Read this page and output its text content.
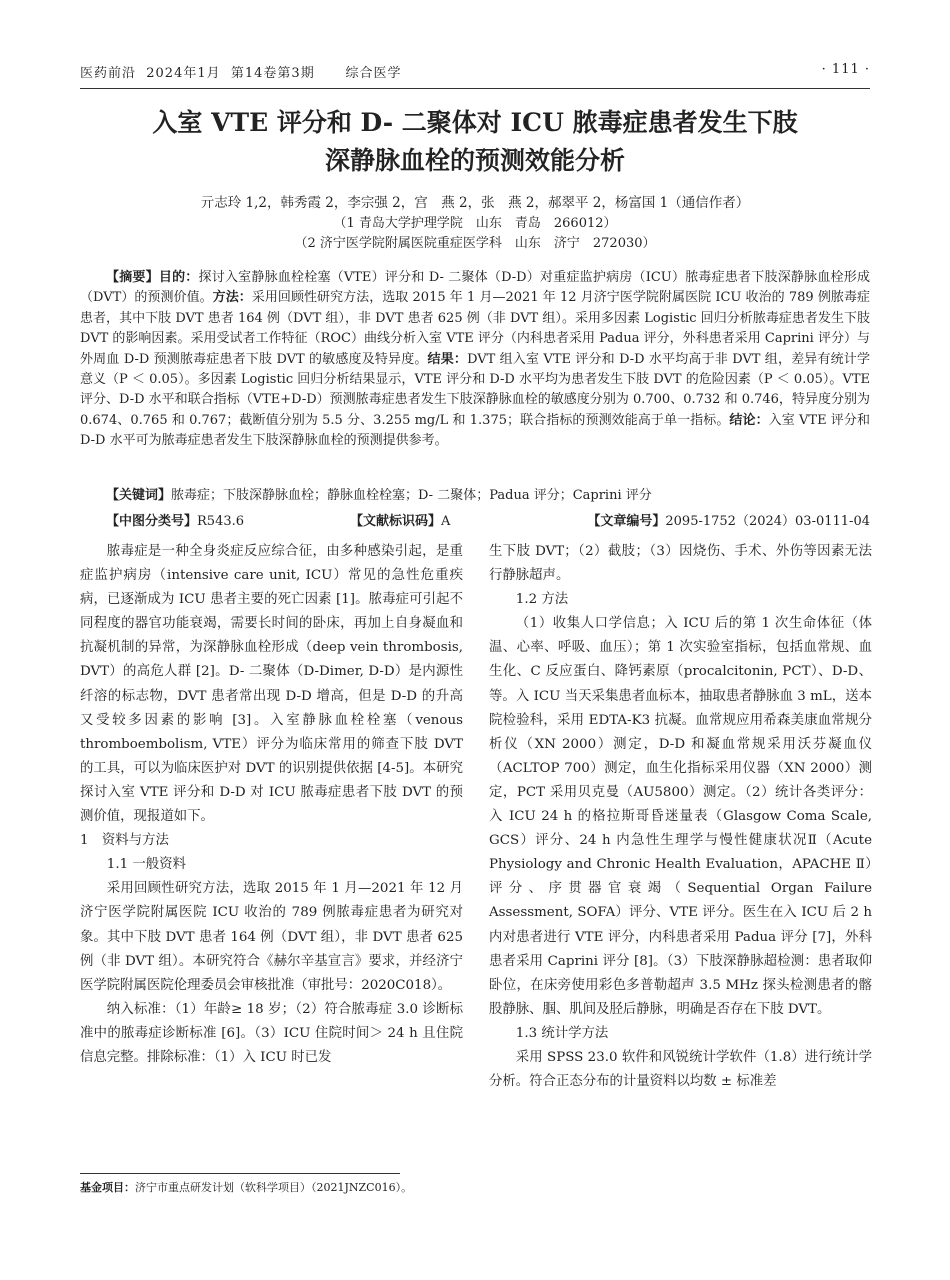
医药前沿  2024年1月  第14卷第3期      综合医学	· 111 ·
入室 VTE 评分和 D- 二聚体对 ICU 脓毒症患者发生下肢
深静脉血栓的预测效能分析
亓志玲 1,2，韩秀霞 2，李宗强 2，宫　燕 2，张　燕 2，郝翠平 2，杨富国 1（通信作者）
（1 青岛大学护理学院　山东　青岛　266012）
（2 济宁医学院附属医院重症医学科　山东　济宁　272030）
【摘要】目的：探讨入室静脉血栓栓塞（VTE）评分和 D- 二聚体（D-D）对重症监护病房（ICU）脓毒症患者下肢深静脉血栓形成（DVT）的预测价值。方法：采用回顾性研究方法，选取 2015 年 1 月—2021 年 12 月济宁医学院附属医院 ICU 收治的 789 例脓毒症患者，其中下肢 DVT 患者 164 例（DVT 组），非 DVT 患者 625 例（非 DVT 组）。采用多因素 Logistic 回归分析脓毒症患者发生下肢 DVT 的影响因素。采用受试者工作特征（ROC）曲线分析入室 VTE 评分（内科患者采用 Padua 评分，外科患者采用 Caprini 评分）与外周血 D-D 预测脓毒症患者下肢 DVT 的敏感度及特异度。结果：DVT 组入室 VTE 评分和 D-D 水平均高于非 DVT 组，差异有统计学意义（P ＜ 0.05）。多因素 Logistic 回归分析结果显示，VTE 评分和 D-D 水平均为患者发生下肢 DVT 的危险因素（P ＜ 0.05）。VTE 评分、D-D 水平和联合指标（VTE+D-D）预测脓毒症患者发生下肢深静脉血栓的敏感度分别为 0.700、0.732 和 0.746，特异度分别为 0.674、0.765 和 0.767；截断值分别为 5.5 分、3.255 mg/L 和 1.375；联合指标的预测效能高于单一指标。结论：入室 VTE 评分和 D-D 水平可为脓毒症患者发生下肢深静脉血栓的预测提供参考。
【关键词】脓毒症；下肢深静脉血栓；静脉血栓栓塞；D- 二聚体；Padua 评分；Caprini 评分
【中图分类号】R543.6	【文献标识码】A	【文章编号】2095-1752（2024）03-0111-04

脓毒症是一种全身炎症反应综合征，由多种感染引起，是重症监护病房（intensive care unit, ICU）常见的急性危重疾病，已逐渐成为 ICU 患者主要的死亡因素 [1]。脓毒症可引起不同程度的器官功能衰竭，需要长时间的卧床，再加上自身凝血和抗凝机制的异常，为深静脉血栓形成（deep vein thrombosis, DVT）的高危人群 [2]。D- 二聚体（D-Dimer, D-D）是内源性纤溶的标志物，DVT 患者常出现 D-D 增高，但是 D-D 的升高又受较多因素的影响 [3]。入室静脉血栓栓塞（venous thromboembolism, VTE）评分为临床常用的筛查下肢 DVT 的工具，可以为临床医护对 DVT 的识别提供依据 [4-5]。本研究探讨入室 VTE 评分和 D-D 对 ICU 脓毒症患者下肢 DVT 的预测价值，现报道如下。

1　资料与方法

1.1 一般资料

采用回顾性研究方法，选取 2015 年 1 月—2021 年 12 月济宁医学院附属医院 ICU 收治的 789 例脓毒症患者为研究对象。其中下肢 DVT 患者 164 例（DVT 组），非 DVT 患者 625 例（非 DVT 组）。本研究符合《赫尔辛基宣言》要求，并经济宁医学院附属医院伦理委员会审核批准（审批号：2020C018）。

纳入标准：（1）年龄≥ 18 岁；（2）符合脓毒症 3.0 诊断标准中的脓毒症诊断标准 [6]。（3）ICU 住院时间＞ 24 h 且住院信息完整。排除标准：（1）入 ICU 时已发

生下肢 DVT；（2）截肢；（3）因烧伤、手术、外伤等因素无法行静脉超声。

1.2 方法

（1）收集人口学信息；入 ICU 后的第 1 次生命体征（体温、心率、呼吸、血压）；第 1 次实验室指标，包括血常规、血生化、C 反应蛋白、降钙素原（procalcitonin, PCT）、D-D、等。入 ICU 当天采集患者血标本，抽取患者静脉血 3 mL，送本院检验科，采用 EDTA-K3 抗凝。血常规应用希森美康血常规分析仪（XN 2000）测定，D-D 和凝血常规采用沃芬凝血仪（ACLTOP 700）测定，血生化指标采用仪器（XN 2000）测定，PCT 采用贝克曼（AU5800）测定。（2）统计各类评分：入 ICU 24 h 的格拉斯哥昏迷量表（Glasgow Coma Scale, GCS）评分、24 h 内急性生理学与慢性健康状况Ⅱ（Acute Physiology and Chronic Health Evaluation，APACHE Ⅱ）评分、序贯器官衰竭（Sequential Organ Failure Assessment, SOFA）评分、VTE 评分。医生在入 ICU 后 2 h 内对患者进行 VTE 评分，内科患者采用 Padua 评分 [7]，外科患者采用 Caprini 评分 [8]。（3）下肢深静脉超检测：患者取仰卧位，在床旁使用彩色多普勒超声 3.5 MHz 探头检测患者的髂股静脉、腘、肌间及胫后静脉，明确是否存在下肢 DVT。

1.3 统计学方法

采用 SPSS 23.0 软件和风锐统计学软件（1.8）进行统计学分析。符合正态分布的计量资料以均数 ± 标准差

基金项目：济宁市重点研发计划（软科学项目）（2021JNZC016）。
